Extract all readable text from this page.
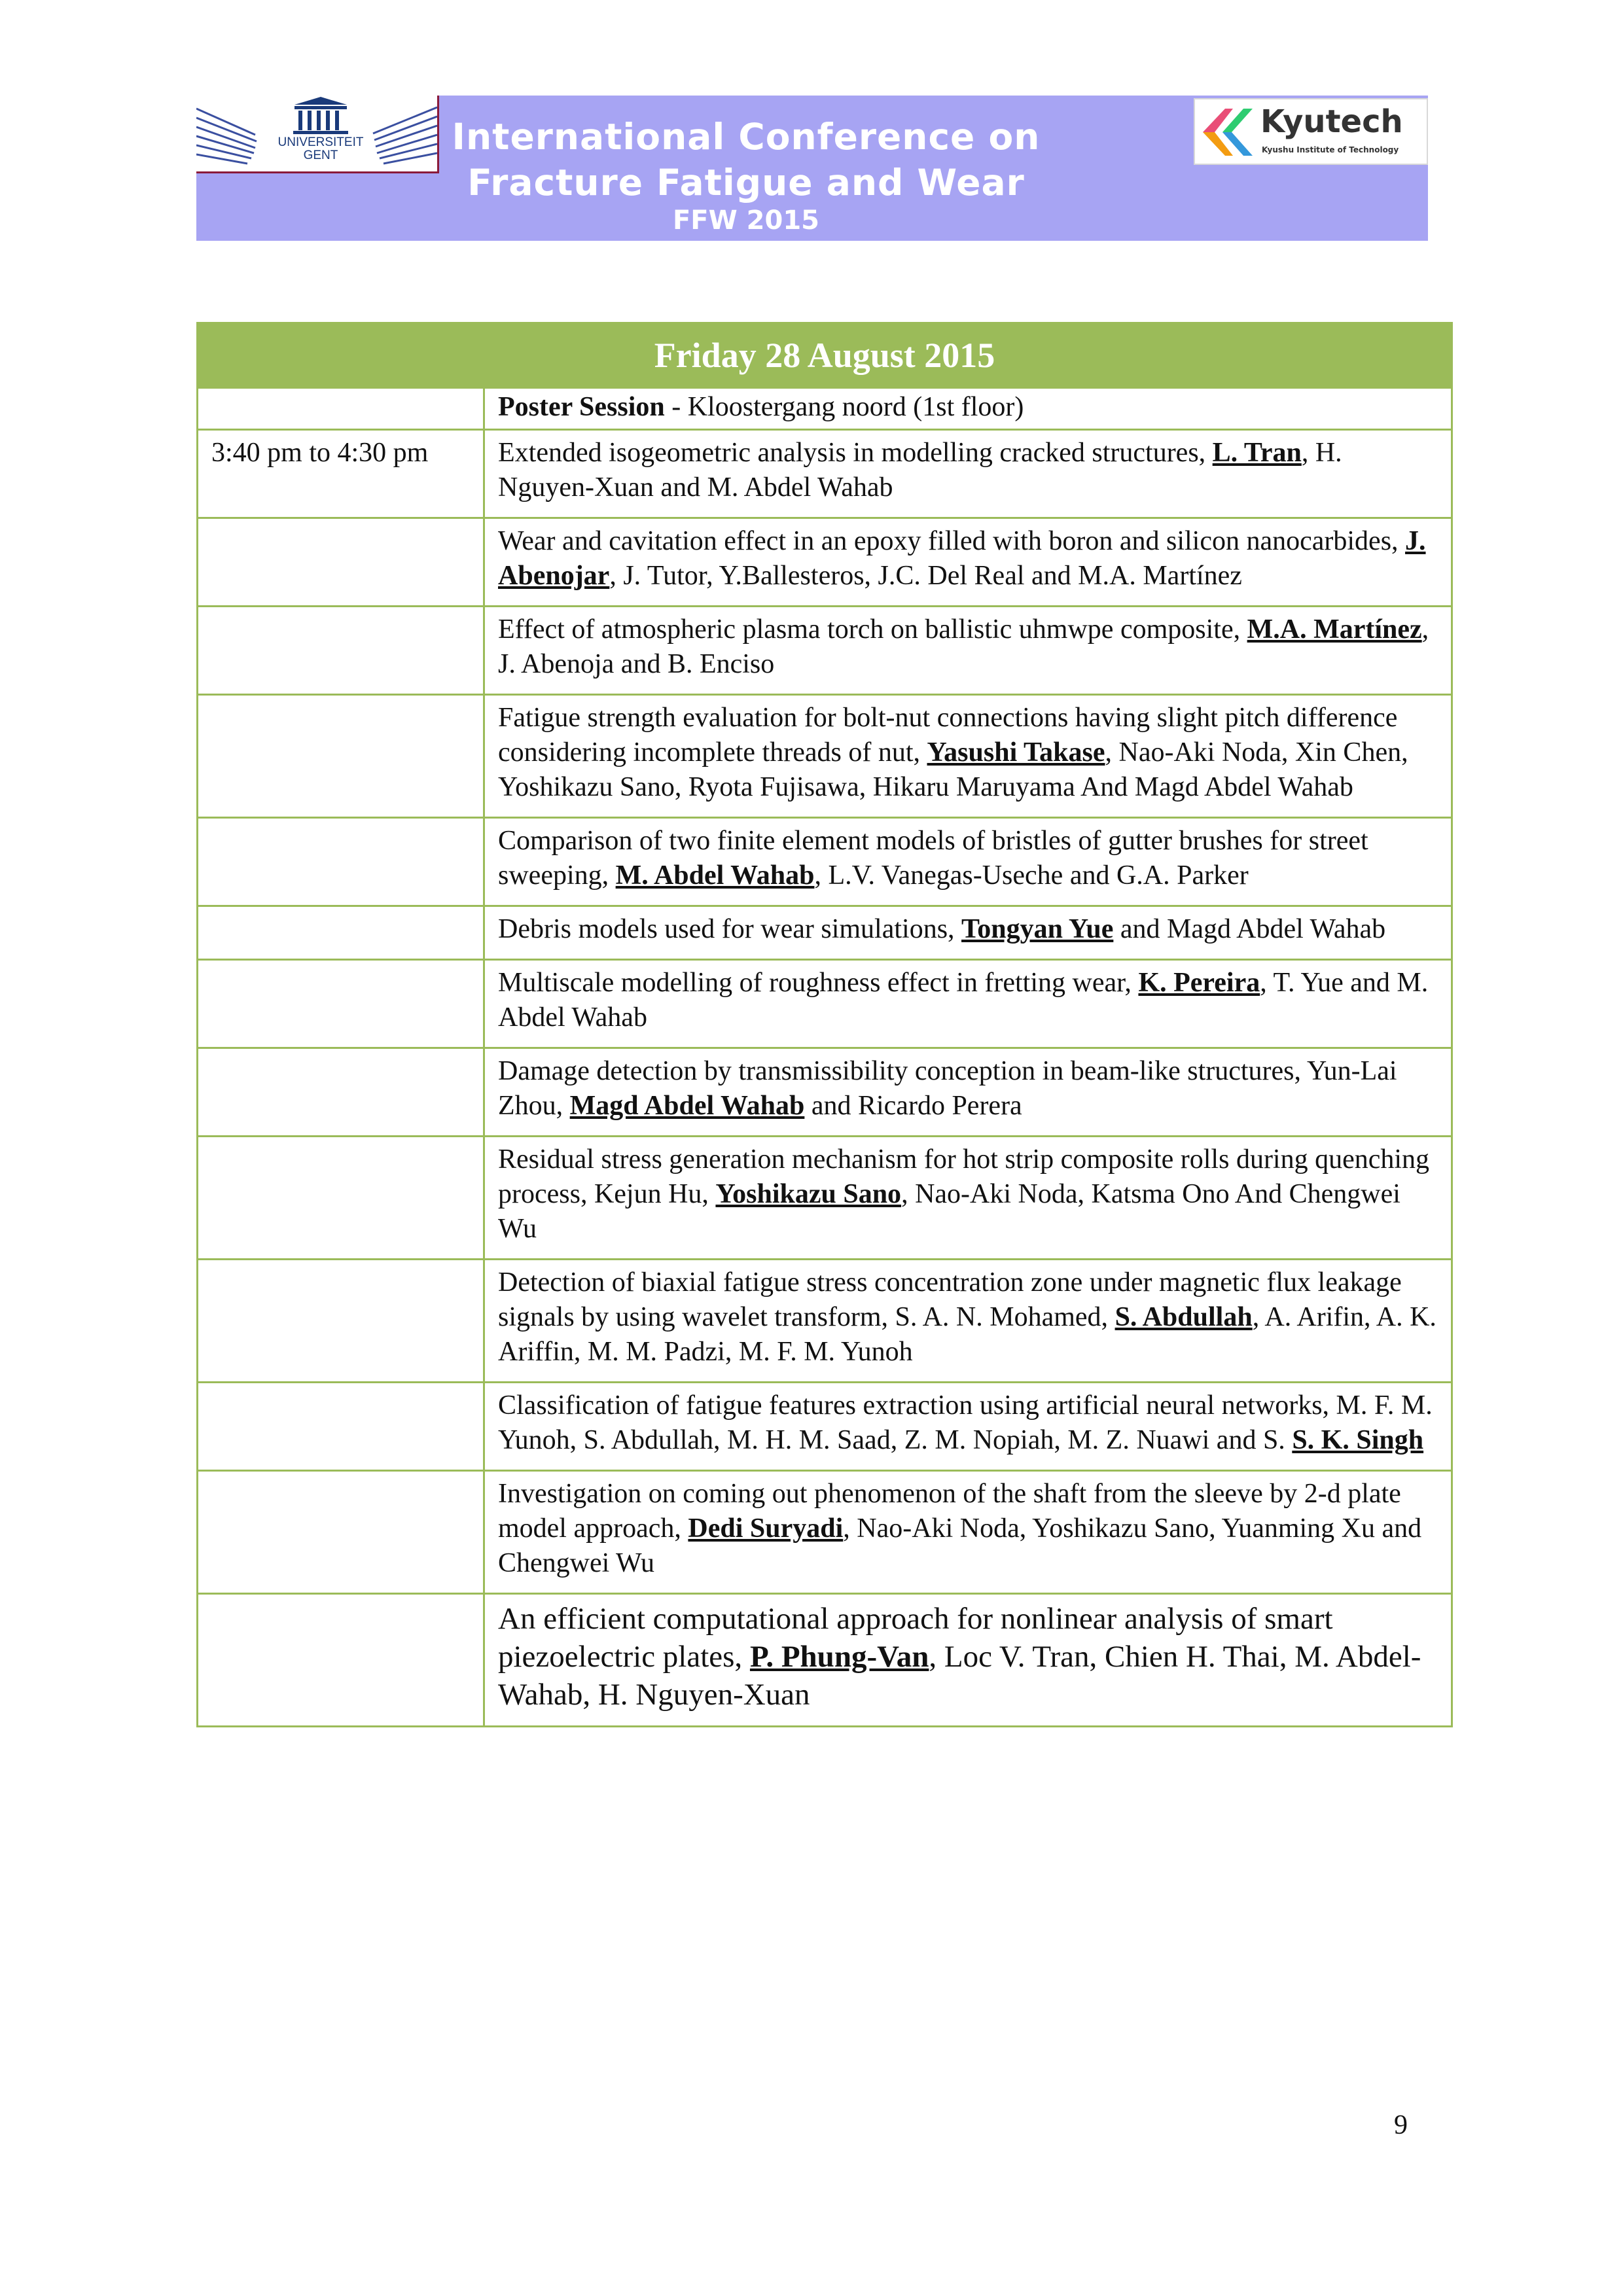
UNIVERSITEIT GENT	International Conference on
Fracture Fatigue and Wear
FFW 2015
Kyutech
Kyushu Institute of Technology
Friday 28 August 2015	
	Poster Session - Kloostergang noord (1st floor)
3:40 pm to 4:30 pm	Extended isogeometric analysis in modelling cracked structures, L. Tran, H. Nguyen-Xuan and M. Abdel Wahab
	Wear and cavitation effect in an epoxy filled with boron and silicon nanocarbides, J. Abenojar, J. Tutor, Y.Ballesteros, J.C. Del Real and M.A. Martínez
	Effect of atmospheric plasma torch on ballistic uhmwpe composite, M.A. Martínez, J. Abenoja and B. Enciso
	Fatigue strength evaluation for bolt-nut connections having slight pitch difference considering incomplete threads of nut, Yasushi Takase, Nao-Aki Noda, Xin Chen, Yoshikazu Sano, Ryota Fujisawa, Hikaru Maruyama And Magd Abdel Wahab
	Comparison of two finite element models of bristles of gutter brushes for street sweeping, M. Abdel Wahab, L.V. Vanegas-Useche and G.A. Parker
	Debris models used for wear simulations, Tongyan Yue and Magd Abdel Wahab
	Multiscale modelling of roughness effect in fretting wear, K. Pereira, T. Yue and M. Abdel Wahab
	Damage detection by transmissibility conception in beam-like structures, Yun-Lai Zhou, Magd Abdel Wahab and Ricardo Perera
	Residual stress generation mechanism for hot strip composite rolls during quenching process, Kejun Hu, Yoshikazu Sano, Nao-Aki Noda, Katsma Ono And Chengwei Wu
	Detection of biaxial fatigue stress concentration zone under magnetic flux leakage signals by using wavelet transform, S. A. N. Mohamed, S. Abdullah, A. Arifin, A. K. Ariffin, M. M. Padzi, M. F. M. Yunoh
	Classification of fatigue features extraction using artificial neural networks, M. F. M. Yunoh, S. Abdullah, M. H. M. Saad, Z. M. Nopiah, M. Z. Nuawi and S. S. K. Singh
	Investigation on coming out phenomenon of the shaft from the sleeve by 2-d plate model approach, Dedi Suryadi, Nao-Aki Noda, Yoshikazu Sano, Yuanming Xu and Chengwei Wu
	An efficient computational approach for nonlinear analysis of smart piezoelectric plates, P. Phung-Van, Loc V. Tran, Chien H. Thai, M. Abdel-Wahab, H. Nguyen-Xuan
9
